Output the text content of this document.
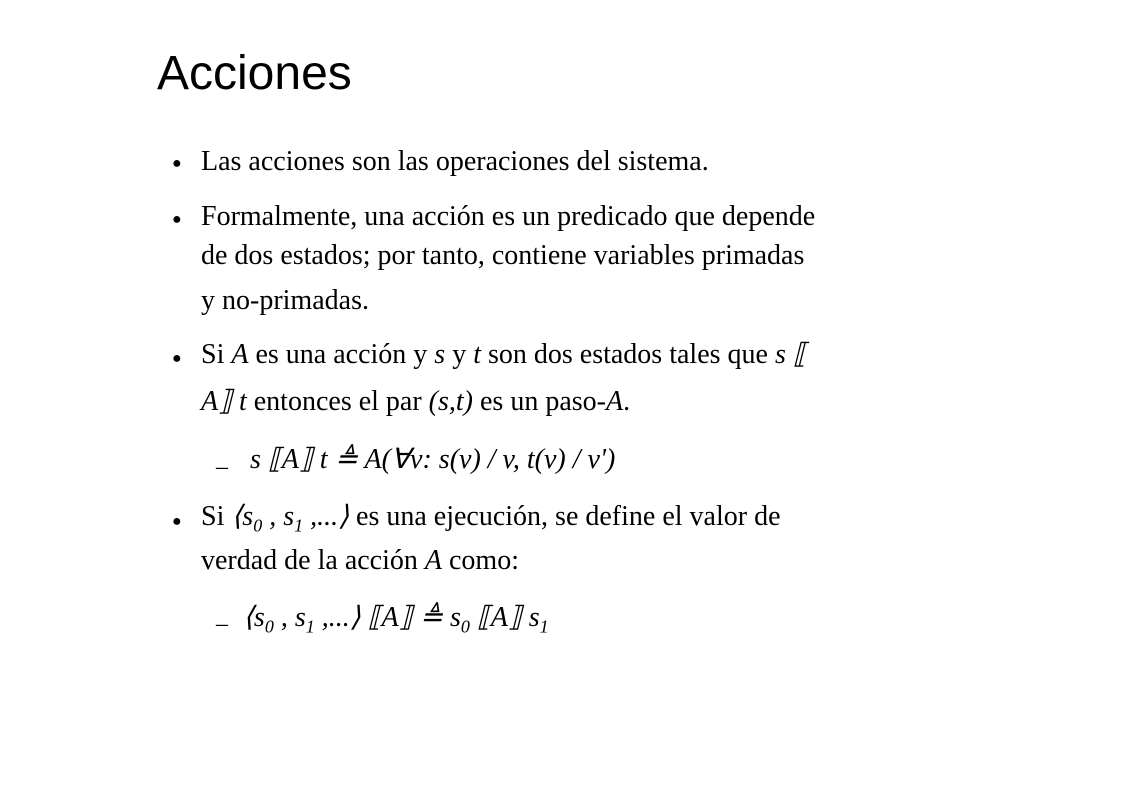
Acciones
● Las acciones son las operaciones del sistema.
● Formalmente, una acción es un predicado que depende
de dos estados; por tanto, contiene variables primadas
y no-primadas.
● Si A es una acción y s y t son dos estados tales que s ⟦
A⟧ t entonces el par (s,t) es un paso-A.
– s ⟦A⟧ t ≜ A(∀v: s(v) / v, t(v) / v')
● Si $⟨s_0$ , $s_1$ ,...⟩ es una ejecución, se define el valor de
verdad de la acción A como:
– $⟨s_0$ , $s_1$ ,...⟩ ⟦A⟧ ≜ $s_0$ ⟦A⟧ $s_1$
